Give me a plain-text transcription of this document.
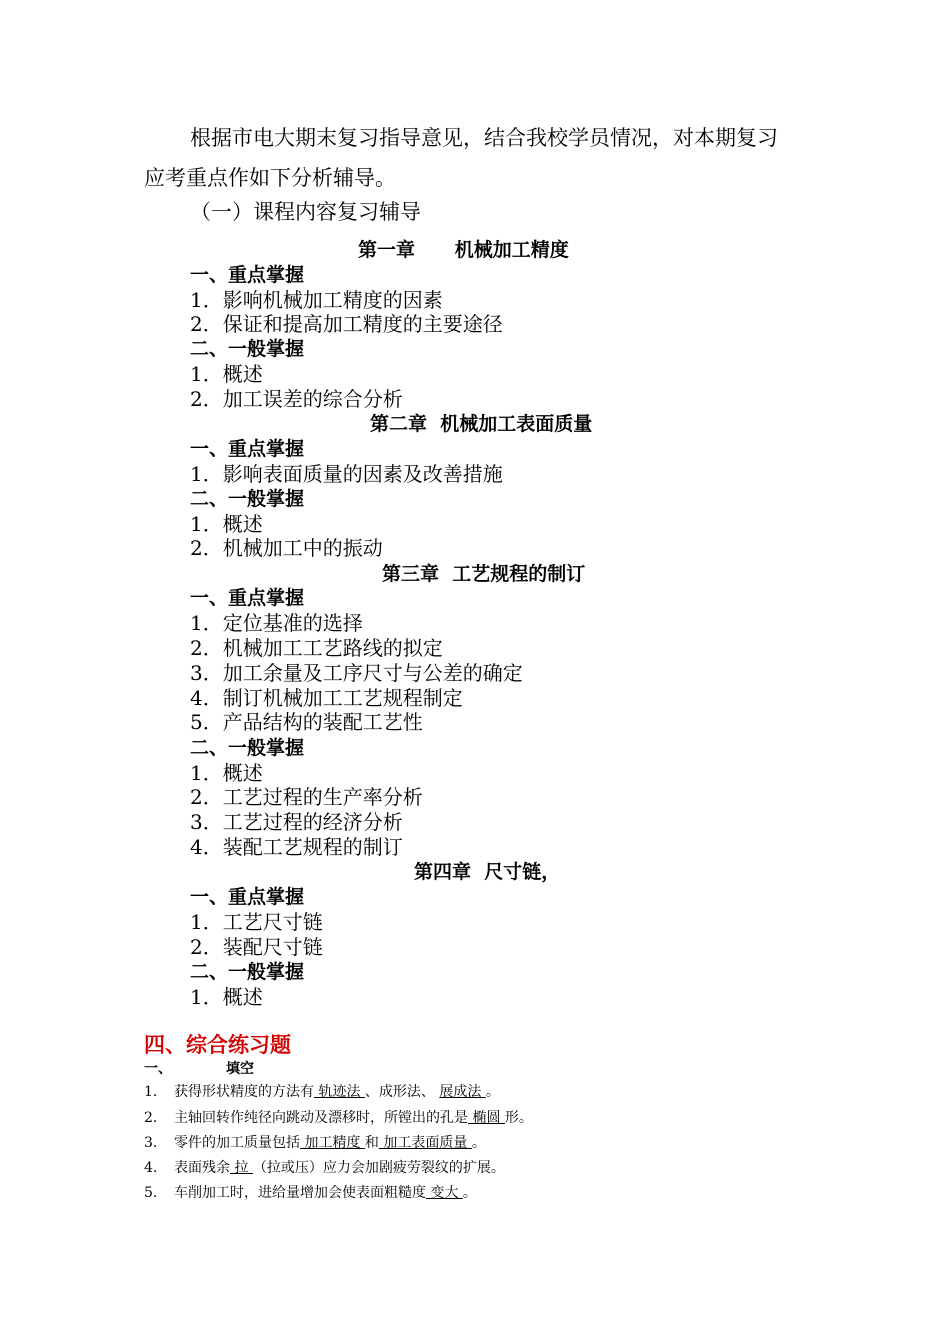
根据市电大期末复习指导意见，结合我校学员情况，对本期复习
应考重点作如下分析辅导。
（一）课程内容复习辅导
第一章      机械加工精度
一、重点掌握
1．影响机械加工精度的因素
2．保证和提高加工精度的主要途径
二、一般掌握
1．概述
2．加工误差的综合分析
第二章  机械加工表面质量
一、重点掌握
1．影响表面质量的因素及改善措施
二、一般掌握
1．概述
2．机械加工中的振动
第三章  工艺规程的制订
一、重点掌握
1．定位基准的选择
2．机械加工工艺路线的拟定
3．加工余量及工序尺寸与公差的确定
4．制订机械加工工艺规程制定
5．产品结构的装配工艺性
二、一般掌握
1．概述
2．工艺过程的生产率分析
3．工艺过程的经济分析
4．装配工艺规程的制订
第四章  尺寸链，
一、重点掌握
1．工艺尺寸链
2．装配尺寸链
二、一般掌握
1．概述
四、综合练习题
一、	填空
1. 获得形状精度的方法有 轨迹法 、成形法、 展成法 。
2. 主轴回转作纯径向跳动及漂移时，所镗出的孔是 椭圆 形。
3. 零件的加工质量包括 加工精度 和 加工表面质量 。
4. 表面残余 拉 （拉或压）应力会加剧疲劳裂纹的扩展。
5. 车削加工时，进给量增加会使表面粗糙度 变大 。
